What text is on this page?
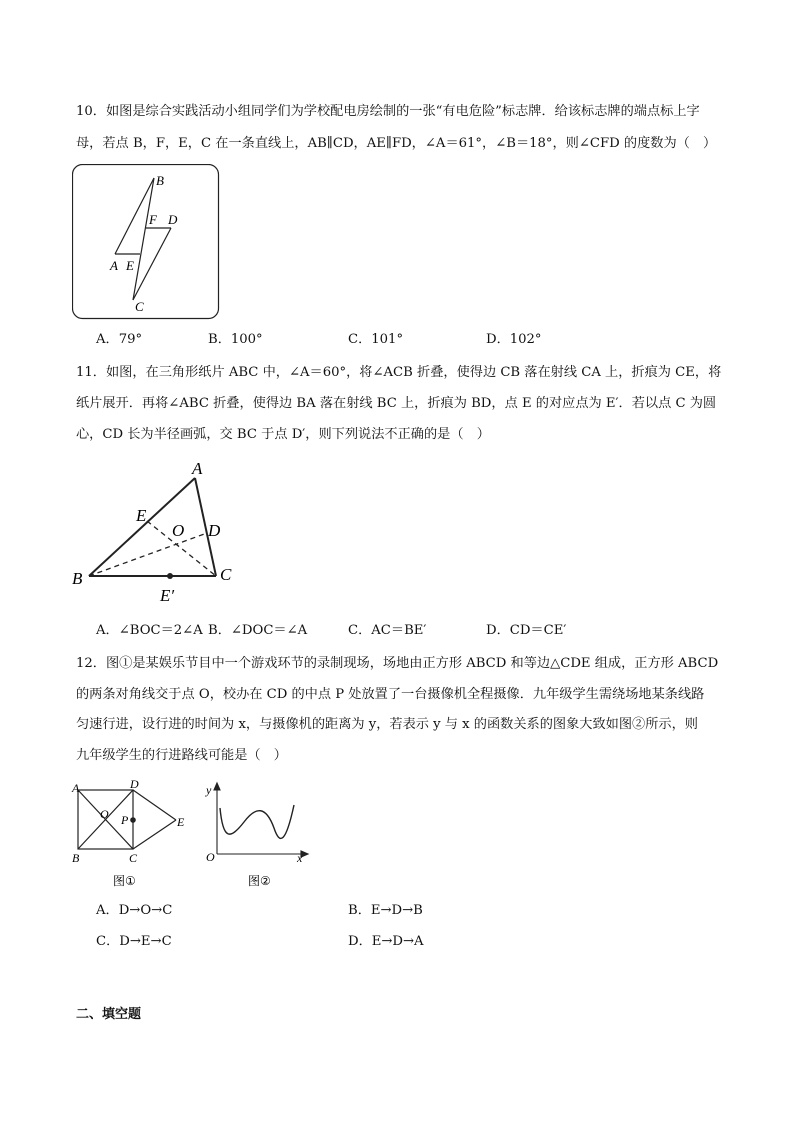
10．如图是综合实践活动小组同学们为学校配电房绘制的一张“有电危险”标志牌．给该标志牌的端点标上字
母，若点 B，F，E，C 在一条直线上，AB∥CD，AE∥FD，∠A＝61°，∠B＝18°，则∠CFD 的度数为（　）
B
F D
A E
C
A．79°	B．100°	C．101°	D．102°
11．如图，在三角形纸片 ABC 中，∠A＝60°，将∠ACB 折叠，使得边 CB 落在射线 CA 上，折痕为 CE，将
纸片展开．再将∠ABC 折叠，使得边 BA 落在射线 BC 上，折痕为 BD，点 E 的对应点为 E′．若以点 C 为圆
心，CD 长为半径画弧，交 BC 于点 D′，则下列说法不正确的是（　）
A
E
O D
B	C
E′
A．∠BOC＝2∠A B．∠DOC＝∠A	C．AC＝BE′	D．CD＝CE′
12．图①是某娱乐节目中一个游戏环节的录制现场，场地由正方形 ABCD 和等边△CDE 组成，正方形 ABCD
的两条对角线交于点 O，校办在 CD 的中点 P 处放置了一台摄像机全程摄像．九年级学生需绕场地某条线路
匀速行进，设行进的时间为 x，与摄像机的距离为 y，若表示 y 与 x 的函数关系的图象大致如图②所示，则
九年级学生的行进路线可能是（　）
A	D
O P	E
B	C
图①
y
x
O
图②
A．D→O→C	B．E→D→B
C．D→E→C	D．E→D→A
二、填空题
